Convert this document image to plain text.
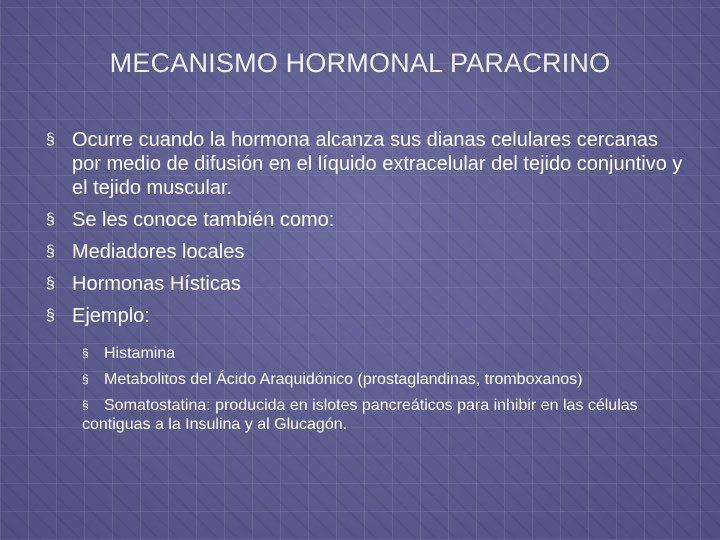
MECANISMO HORMONAL PARACRINO
§ Ocurre cuando la hormona alcanza sus dianas celulares cercanas por medio de difusión en el líquido extracelular del tejido conjuntivo y el tejido muscular.
§ Se les conoce también como:
§ Mediadores locales
§ Hormonas Hísticas
§ Ejemplo:
§ Histamina
§ Metabolitos del Ácido Araquidónico (prostaglandinas, tromboxanos)
§ Somatostatina: producida en islotes pancreáticos para inhibir en las células contiguas a la Insulina y al Glucagón.
